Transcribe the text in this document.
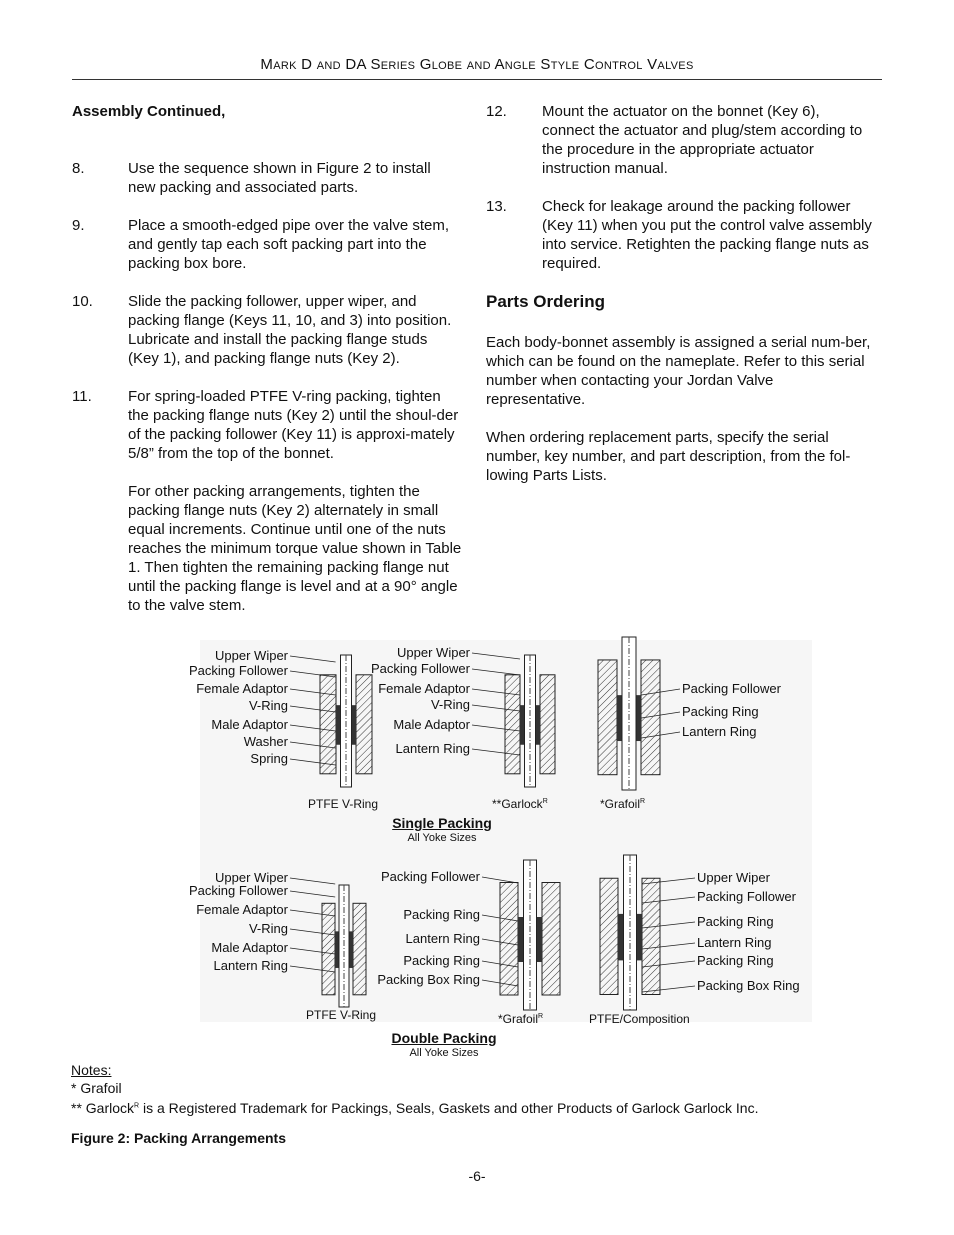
Mark D and DA Series Globe and Angle Style Control Valves

Assembly Continued,

8.	Use the sequence shown in Figure 2 to install new packing and associated parts.
9.	Place a smooth-edged pipe over the valve stem, and gently tap each soft packing part into the packing box bore.
10. Slide the packing follower, upper wiper, and packing flange (Keys 11, 10, and 3) into position. Lubricate and install the packing flange studs (Key 1), and packing flange nuts (Key 2).
11. For spring-loaded PTFE V-ring packing, tighten the packing flange nuts (Key 2) until the shoul-der of the packing follower (Key 11) is approxi-mately 5/8” from the top of the bonnet.
For other packing arrangements, tighten the packing flange nuts (Key 2) alternately in small equal increments. Continue until one of the nuts reaches the minimum torque value shown in Table 1. Then tighten the remaining packing flange nut until the packing flange is level and at a 90° angle to the valve stem.
12. Mount the actuator on the bonnet (Key 6), connect the actuator and plug/stem according to the procedure in the appropriate actuator instruction manual.
13. Check for leakage around the packing follower (Key 11) when you put the control valve assembly into service. Retighten the packing flange nuts as required.
Parts Ordering

Each body-bonnet assembly is assigned a serial num-ber, which can be found on the nameplate. Refer to this serial number when contacting your Jordan Valve representative.

When ordering replacement parts, specify the serial number, key number, and part description, from the fol-lowing Parts Lists.

Upper Wiper
Packing Follower
Female Adaptor
V-Ring
Male Adaptor
Washer
Spring
Upper Wiper
Packing Follower
Female Adaptor
V-Ring
Male Adaptor
Lantern Ring
Packing Follower
Packing Ring
Lantern Ring
Upper Wiper
Packing Follower
Female Adaptor
V-Ring
Male Adaptor
Lantern Ring
Packing Follower
Packing Ring
Lantern Ring
Packing Ring
Packing Box Ring
Upper Wiper
Packing Follower
Packing Ring
Lantern Ring
Packing Ring
Packing Box Ring
PTFE V-Ring	**Garlock$^R$	*Grafoil$^R$
Single Packing
All Yoke Sizes
PTFE V-Ring	*Grafoil$^R$	PTFE/Composition
Double Packing
All Yoke Sizes
Notes:
* Grafoil
** Garlock$^R$ is a Registered Trademark for Packings, Seals, Gaskets and other Products of Garlock Garlock Inc.
Figure 2: Packing Arrangements
-6-
